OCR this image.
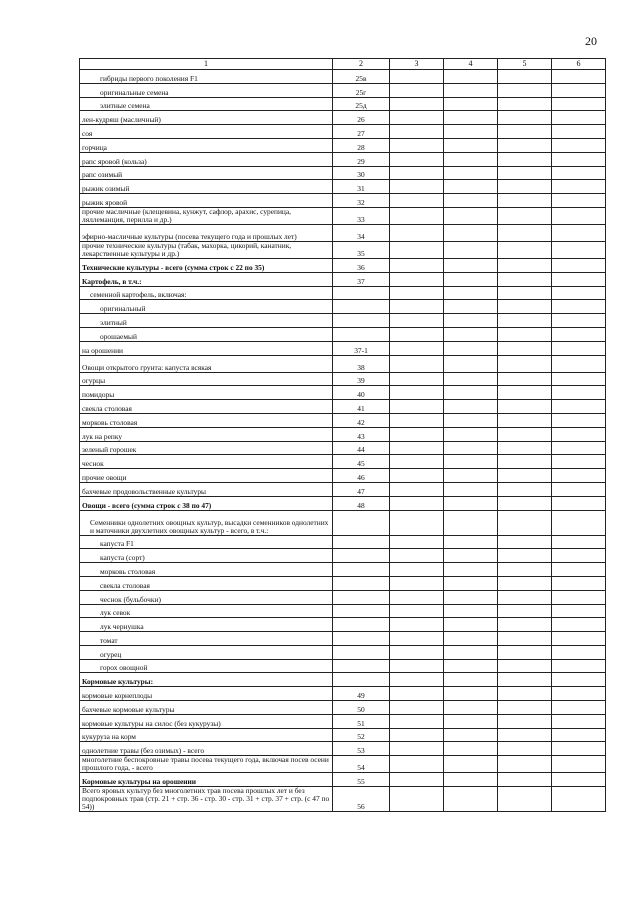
20
1	2	3	4	5	6
гибриды первого поколения F1	25в				
оригинальные семена	25г				
элитные семена	25д				
лен-кудряш (масличный)	26				
соя	27				
горчица	28				
рапс яровой (кольза)	29				
рапс озимый	30				
рыжик озимый	31				
рыжик яровой	32				
прочие масличные (клещевина, кунжут, сафлор, арахис, сурепица, ляллеманция, перилла и др.)	33				
эфирно-масличные культуры (посева текущего года и прошлых лет)	34				
прочие технические культуры (табак, махорка, цикорий, канатник, лекарственные культуры и др.)	35				
Технические культуры - всего (сумма строк с 22 по 35)	36				
Картофель, в т.ч.:	37				
семенной картофель, включая:					
оригинальный					
элитный					
орошаемый					
на орошении	37-1				
Овощи открытого грунта: капуста всякая	38				
огурцы	39				
помидоры	40				
свекла столовая	41				
морковь столовая	42				
лук на репку	43				
зеленый горошек	44				
чеснок	45				
прочие овощи	46				
бахчевые продовольственные культуры	47				
Овощи - всего (сумма строк с 38 по 47)	48				
Семенники однолетних овощных культур, высадки семенников однолетних и маточники двухлетних овощных культур - всего, в т.ч.:					
капуста F1					
капуста (сорт)					
морковь столовая					
свекла столовая					
чеснок (бульбочки)					
лук севок					
лук чернушка					
томат					
огурец					
горох овощной					
Кормовые культуры:					
кормовые корнеплоды	49				
бахчевые кормовые культуры	50				
кормовые культуры на силос (без кукурузы)	51				
кукуруза на корм	52				
однолетние травы (без озимых) - всего	53				
многолетние беспокровные травы посева текущего года, включая посев осени прошлого года, - всего	54				
Кормовые культуры на орошении	55				
Всего яровых культур без многолетних трав посева прошлых лет и без подпокровных трав (стр. 21 + стр. 36 - стр. 30 - стр. 31 + стр. 37 + стр. (с 47 по 54))	56				
